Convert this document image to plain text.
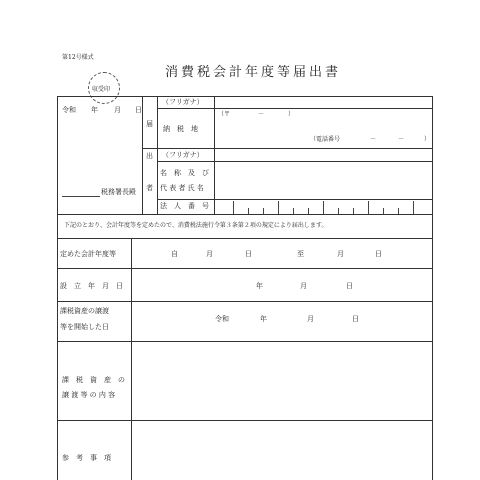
第12号様式
消費税会計年度等届出書
収受印
令和 年 月 日
届
出
者
（フリガナ）
（〒	－	）
納　税　地
（電話番号	－	－	）
（フリガナ）
名　称　及　び
代 表 者 氏 名
税務署長殿
法　人　番　号
下記のとおり、会計年度等を定めたので、消費税法施行令第３条第２項の規定により届出します。
定めた会計年度等	自	月	日	至	月	日
設　立　年　月　日	年	月	日
課税資産の譲渡
等を開始した日
令和	年	月	日
課　税　資　産　の
譲 渡 等 の 内 容
参　考　事　項
